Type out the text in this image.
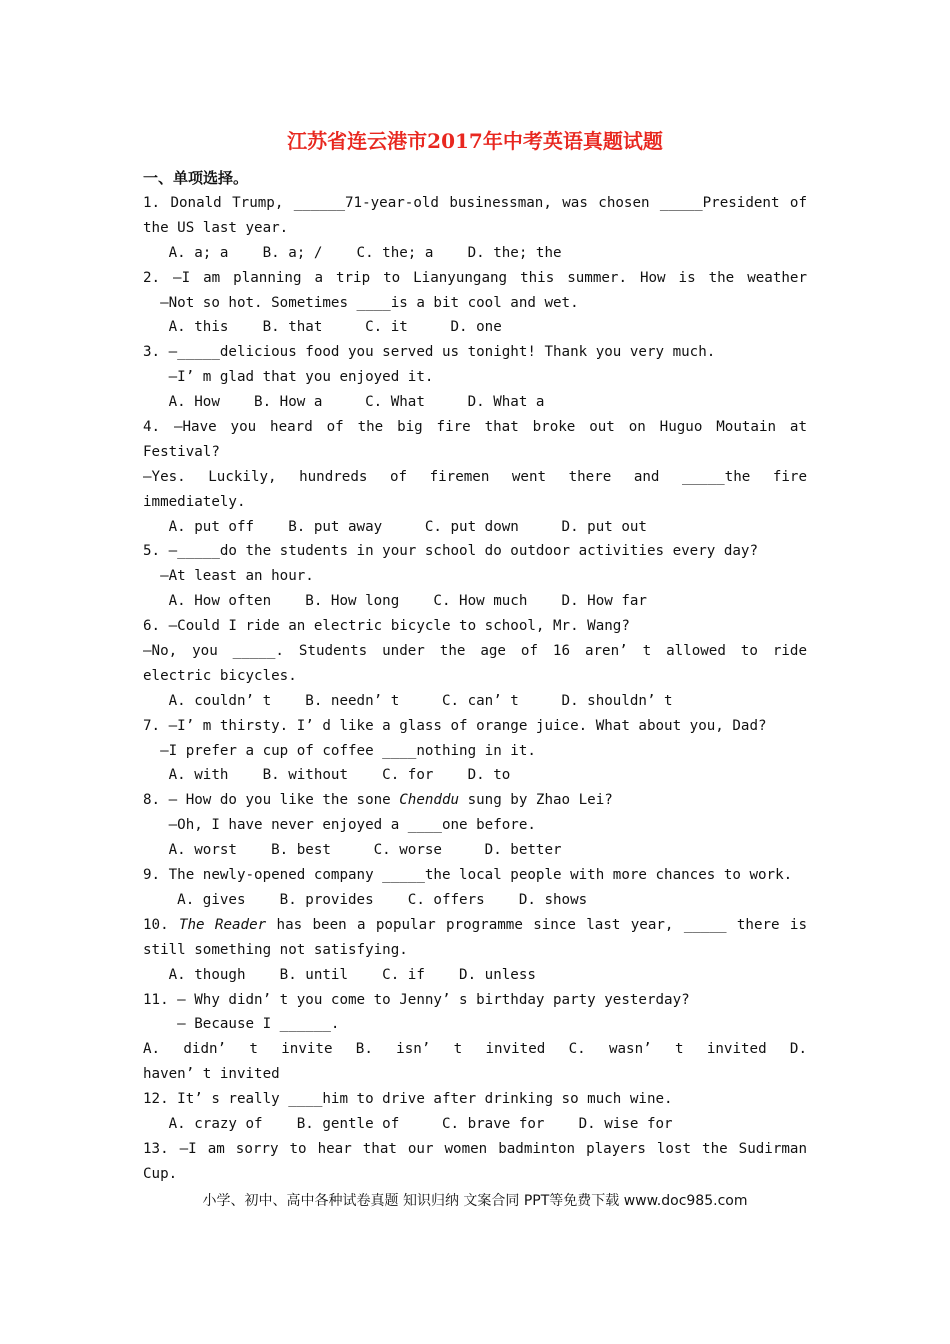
江苏省连云港市2017年中考英语真题试题
一、单项选择。
1. Donald Trump, ______71-year-old businessman, was chosen _____President of
the US last year.
A. a; a    B. a; /    C. the; a    D. the; the
2. —I am planning a trip to Lianyungang this summer. How is the weather
—Not so hot. Sometimes ____is a bit cool and wet.
A. this    B. that     C. it     D. one
3. —_____delicious food you served us tonight! Thank you very much.
—I’ m glad that you enjoyed it.
A. How    B. How a     C. What     D. What a
4. —Have you heard of the big fire that broke out on Huguo Moutain at
Festival?
—Yes. Luckily, hundreds of firemen went there and _____the fire
immediately.
A. put off    B. put away     C. put down     D. put out
5. —_____do the students in your school do outdoor activities every day?
—At least an hour.
A. How often    B. How long    C. How much    D. How far
6. —Could I ride an electric bicycle to school, Mr. Wang?
—No, you _____. Students under the age of 16 aren’ t allowed to ride
electric bicycles.
A. couldn’ t    B. needn’ t     C. can’ t     D. shouldn’ t
7. —I’ m thirsty. I’ d like a glass of orange juice. What about you, Dad?
—I prefer a cup of coffee ____nothing in it.
A. with    B. without    C. for    D. to
8. — How do you like the sone Chenddu sung by Zhao Lei?
—Oh, I have never enjoyed a ____one before.
A. worst    B. best     C. worse     D. better
9. The newly-opened company _____the local people with more chances to work.
A. gives    B. provides    C. offers    D. shows
10. The Reader has been a popular programme since last year, _____ there is
still something not satisfying.
A. though    B. until    C. if    D. unless
11. — Why didn’ t you come to Jenny’ s birthday party yesterday?
— Because I ______.
A. didn’ t invite B. isn’ t invited C. wasn’ t invited D.
haven’ t invited
12. It’ s really ____him to drive after drinking so much wine.
A. crazy of    B. gentle of     C. brave for    D. wise for
13. —I am sorry to hear that our women badminton players lost the Sudirman
Cup.
小学、初中、高中各种试卷真题 知识归纳 文案合同 PPT等免费下载 www.doc985.com
